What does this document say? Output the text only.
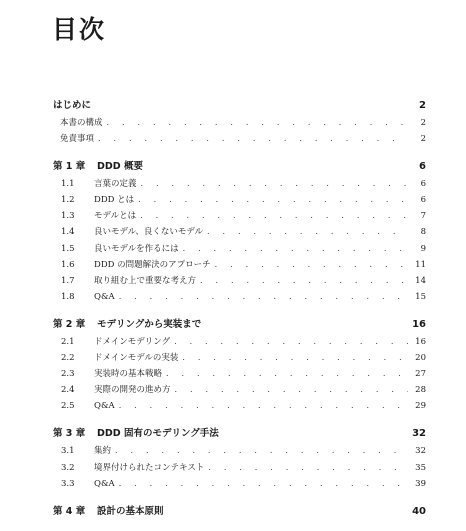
目次
はじめに	2
本書の構成 . . .	2
免責事項 . . .	2
第 1 章	DDD 概要	6
1.1	言葉の定義 . . .	6
1.2	DDD とは . . .	6
1.3	モデルとは . . .	7
1.4	良いモデル、良くないモデル . . .	8
1.5	良いモデルを作るには . . .	9
1.6	DDD の問題解決のアプローチ . . .	11
1.7	取り組む上で重要な考え方 . . .	14
1.8	Q&A . . .	15
第 2 章	モデリングから実装まで	16
2.1	ドメインモデリング . . .	16
2.2	ドメインモデルの実装 . . .	20
2.3	実装時の基本戦略 . . .	27
2.4	実際の開発の進め方 . . .	28
2.5	Q&A . . .	29
第 3 章	DDD 固有のモデリング手法	32
3.1	集約 . . .	32
3.2	境界付けられたコンテキスト . . .	35
3.3	Q&A . . .	39
第 4 章	設計の基本原則	40
